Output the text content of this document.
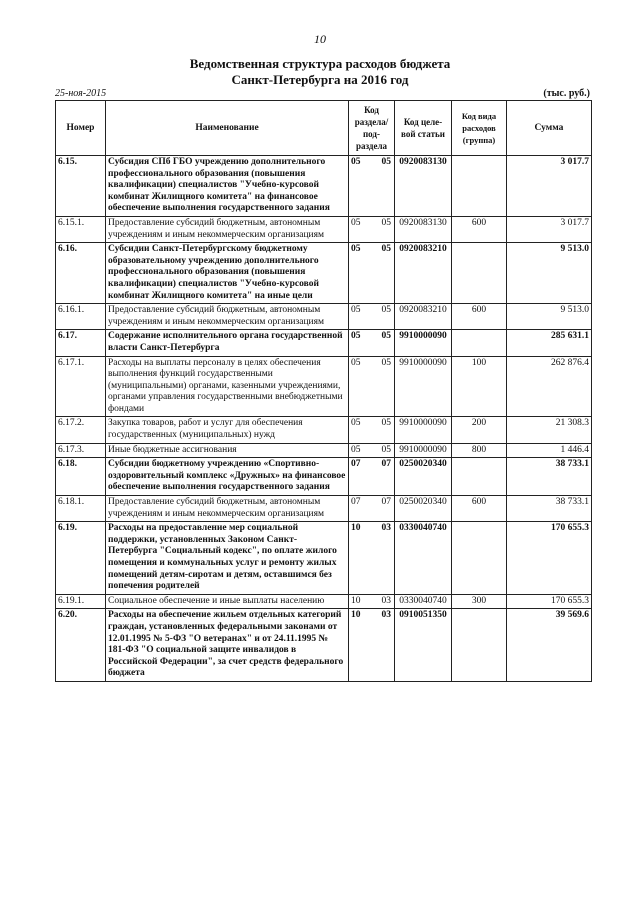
10
Ведомственная структура расходов бюджета
Санкт-Петербурга на 2016 год
25-ноя-2015	(тыс. руб.)
Номер	Наименование	Код раздела/ под- раздела		Код целе- вой статьи	Код вида расходов (группа)	Сумма
6.15.	Субсидия СПб ГБО учреждению дополнительного профессионального образования (повышения квалификации) специалистов "Учебно-курсовой комбинат Жилищного комитета" на финансовое обеспечение выполнения государственного задания	05	05	0920083130		3 017.7
6.15.1.	Предоставление субсидий бюджетным, автономным учреждениям и иным некоммерческим организациям	05	05	0920083130	600	3 017.7
6.16.	Субсидии Санкт-Петербургскому бюджетному образовательному учреждению дополнительного профессионального образования (повышения квалификации) специалистов "Учебно-курсовой комбинат Жилищного комитета" на иные цели	05	05	0920083210		9 513.0
6.16.1.	Предоставление субсидий бюджетным, автономным учреждениям и иным некоммерческим организациям	05	05	0920083210	600	9 513.0
6.17.	Содержание исполнительного органа государственной власти Санкт-Петербурга	05	05	9910000090		285 631.1
6.17.1.	Расходы на выплаты персоналу в целях обеспечения выполнения функций государственными (муниципальными) органами, казенными учреждениями, органами управления государственными внебюджетными фондами	05	05	9910000090	100	262 876.4
6.17.2.	Закупка товаров, работ и услуг для обеспечения государственных (муниципальных) нужд	05	05	9910000090	200	21 308.3
6.17.3.	Иные бюджетные ассигнования	05	05	9910000090	800	1 446.4
6.18.	Субсидии бюджетному учреждению «Спортивно-оздоровительный комплекс «Дружных» на финансовое обеспечение выполнения государственного задания	07	07	0250020340		38 733.1
6.18.1.	Предоставление субсидий бюджетным, автономным учреждениям и иным некоммерческим организациям	07	07	0250020340	600	38 733.1
6.19.	Расходы на предоставление мер социальной поддержки, установленных Законом Санкт-Петербурга "Социальный кодекс", по оплате жилого помещения и коммунальных услуг и ремонту жилых помещений детям-сиротам и детям, оставшимся без попечения родителей	10	03	0330040740		170 655.3
6.19.1.	Социальное обеспечение и иные выплаты населению	10	03	0330040740	300	170 655.3
6.20.	Расходы на обеспечение жильем отдельных категорий граждан, установленных федеральными законами от 12.01.1995 № 5-ФЗ "О ветеранах" и от 24.11.1995 № 181-ФЗ "О социальной защите инвалидов в Российской Федерации", за счет средств федерального бюджета	10	03	0910051350		39 569.6
